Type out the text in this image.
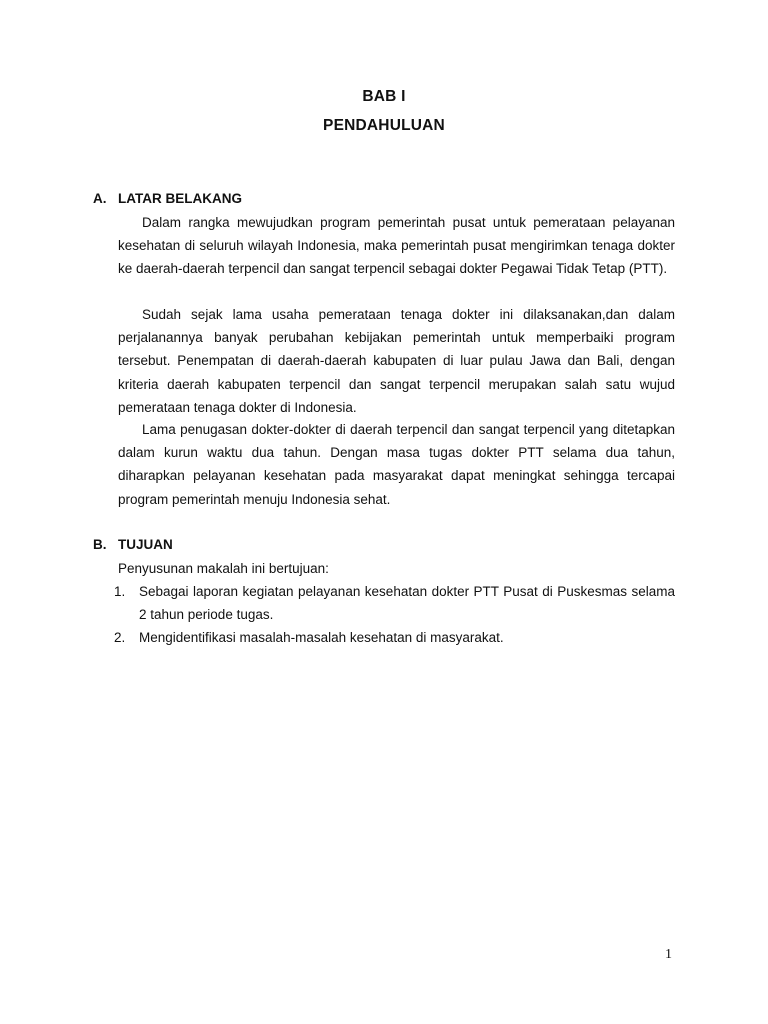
BAB I
PENDAHULUAN
A. LATAR BELAKANG

Dalam rangka mewujudkan program pemerintah pusat untuk pemerataan pelayanan kesehatan di seluruh wilayah Indonesia, maka pemerintah pusat mengirimkan tenaga dokter ke daerah-daerah terpencil dan sangat terpencil sebagai dokter Pegawai Tidak Tetap (PTT).

Sudah sejak lama usaha pemerataan tenaga dokter ini dilaksanakan,dan dalam perjalanannya banyak perubahan kebijakan pemerintah untuk memperbaiki program tersebut. Penempatan di daerah-daerah kabupaten di luar pulau Jawa dan Bali, dengan kriteria daerah kabupaten terpencil dan sangat terpencil merupakan salah satu wujud pemerataan tenaga dokter di Indonesia.

Lama penugasan dokter-dokter di daerah terpencil dan sangat terpencil yang ditetapkan dalam kurun waktu dua tahun. Dengan masa tugas dokter PTT selama dua tahun, diharapkan pelayanan kesehatan pada masyarakat dapat meningkat sehingga tercapai program pemerintah menuju Indonesia sehat.

B. TUJUAN

Penyusunan makalah ini bertujuan:

1.	Sebagai laporan kegiatan pelayanan kesehatan dokter PTT Pusat di Puskesmas selama 2 tahun periode tugas.
2.	Mengidentifikasi masalah-masalah kesehatan di masyarakat.
1
